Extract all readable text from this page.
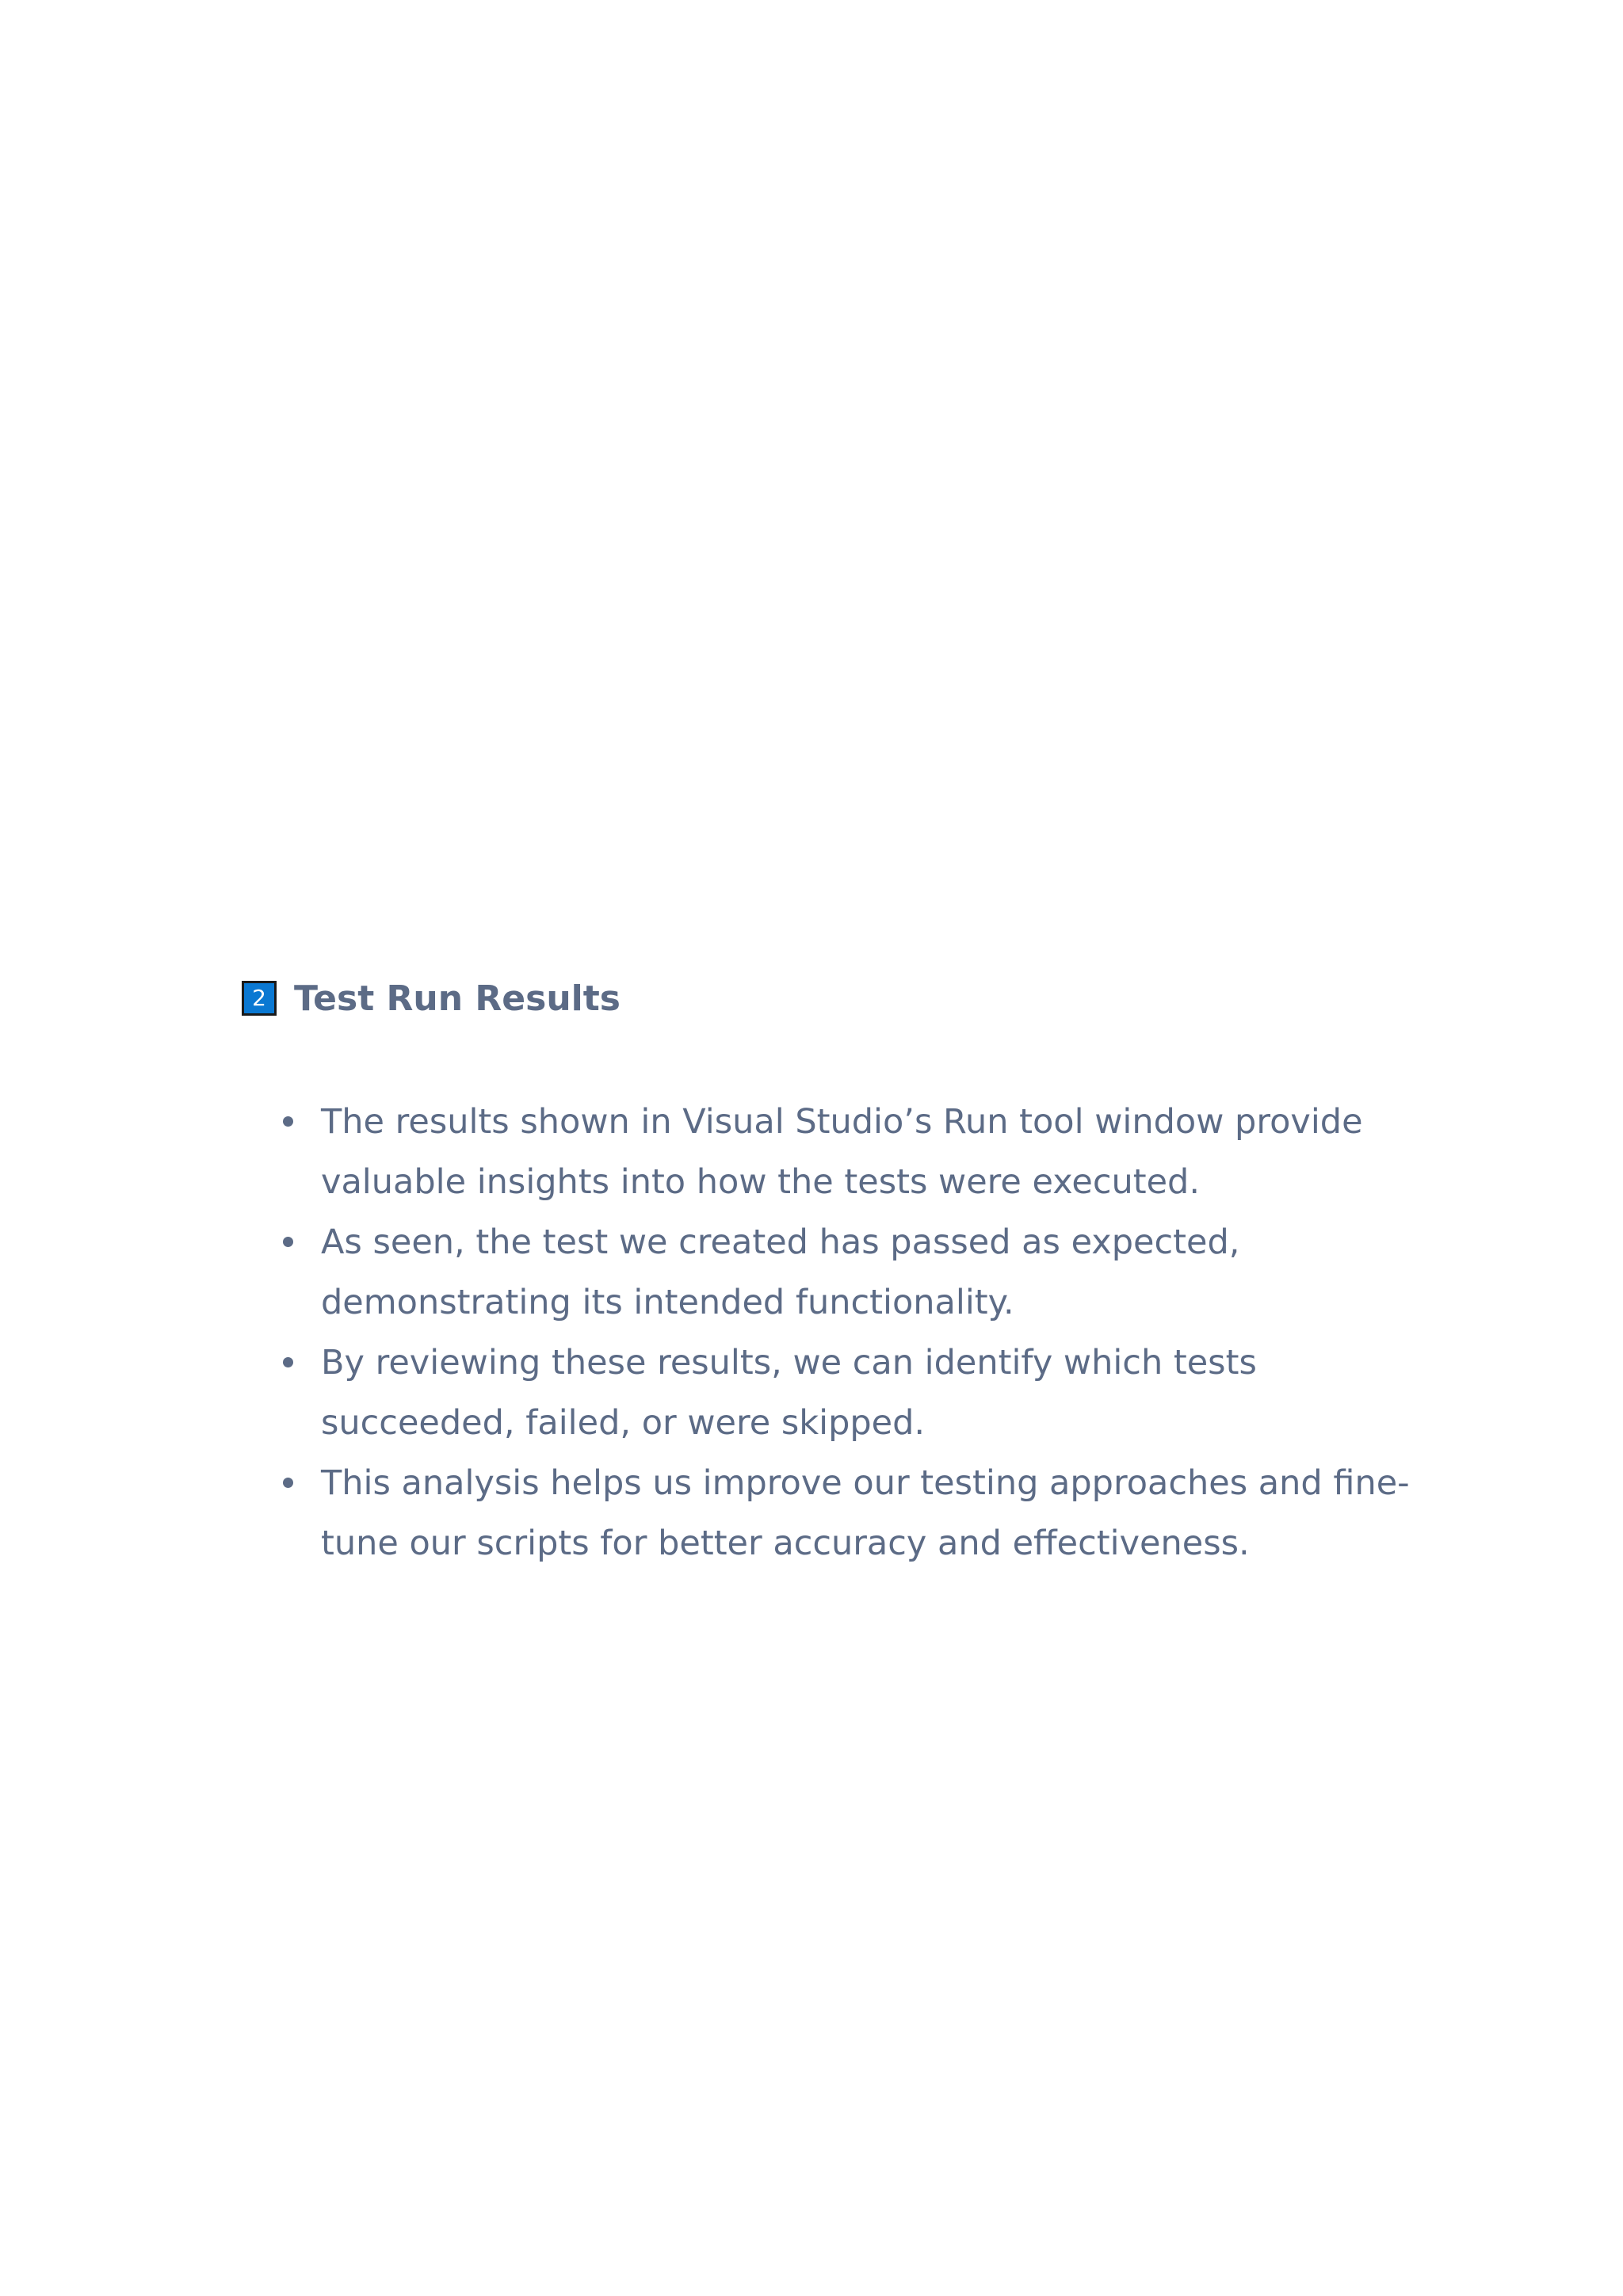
2 Test Run Results
The results shown in Visual Studio’s Run tool window provide valuable insights into how the tests were executed.
As seen, the test we created has passed as expected, demonstrating its intended functionality.
By reviewing these results, we can identify which tests succeeded, failed, or were skipped.
This analysis helps us improve our testing approaches and fine-tune our scripts for better accuracy and effectiveness.
